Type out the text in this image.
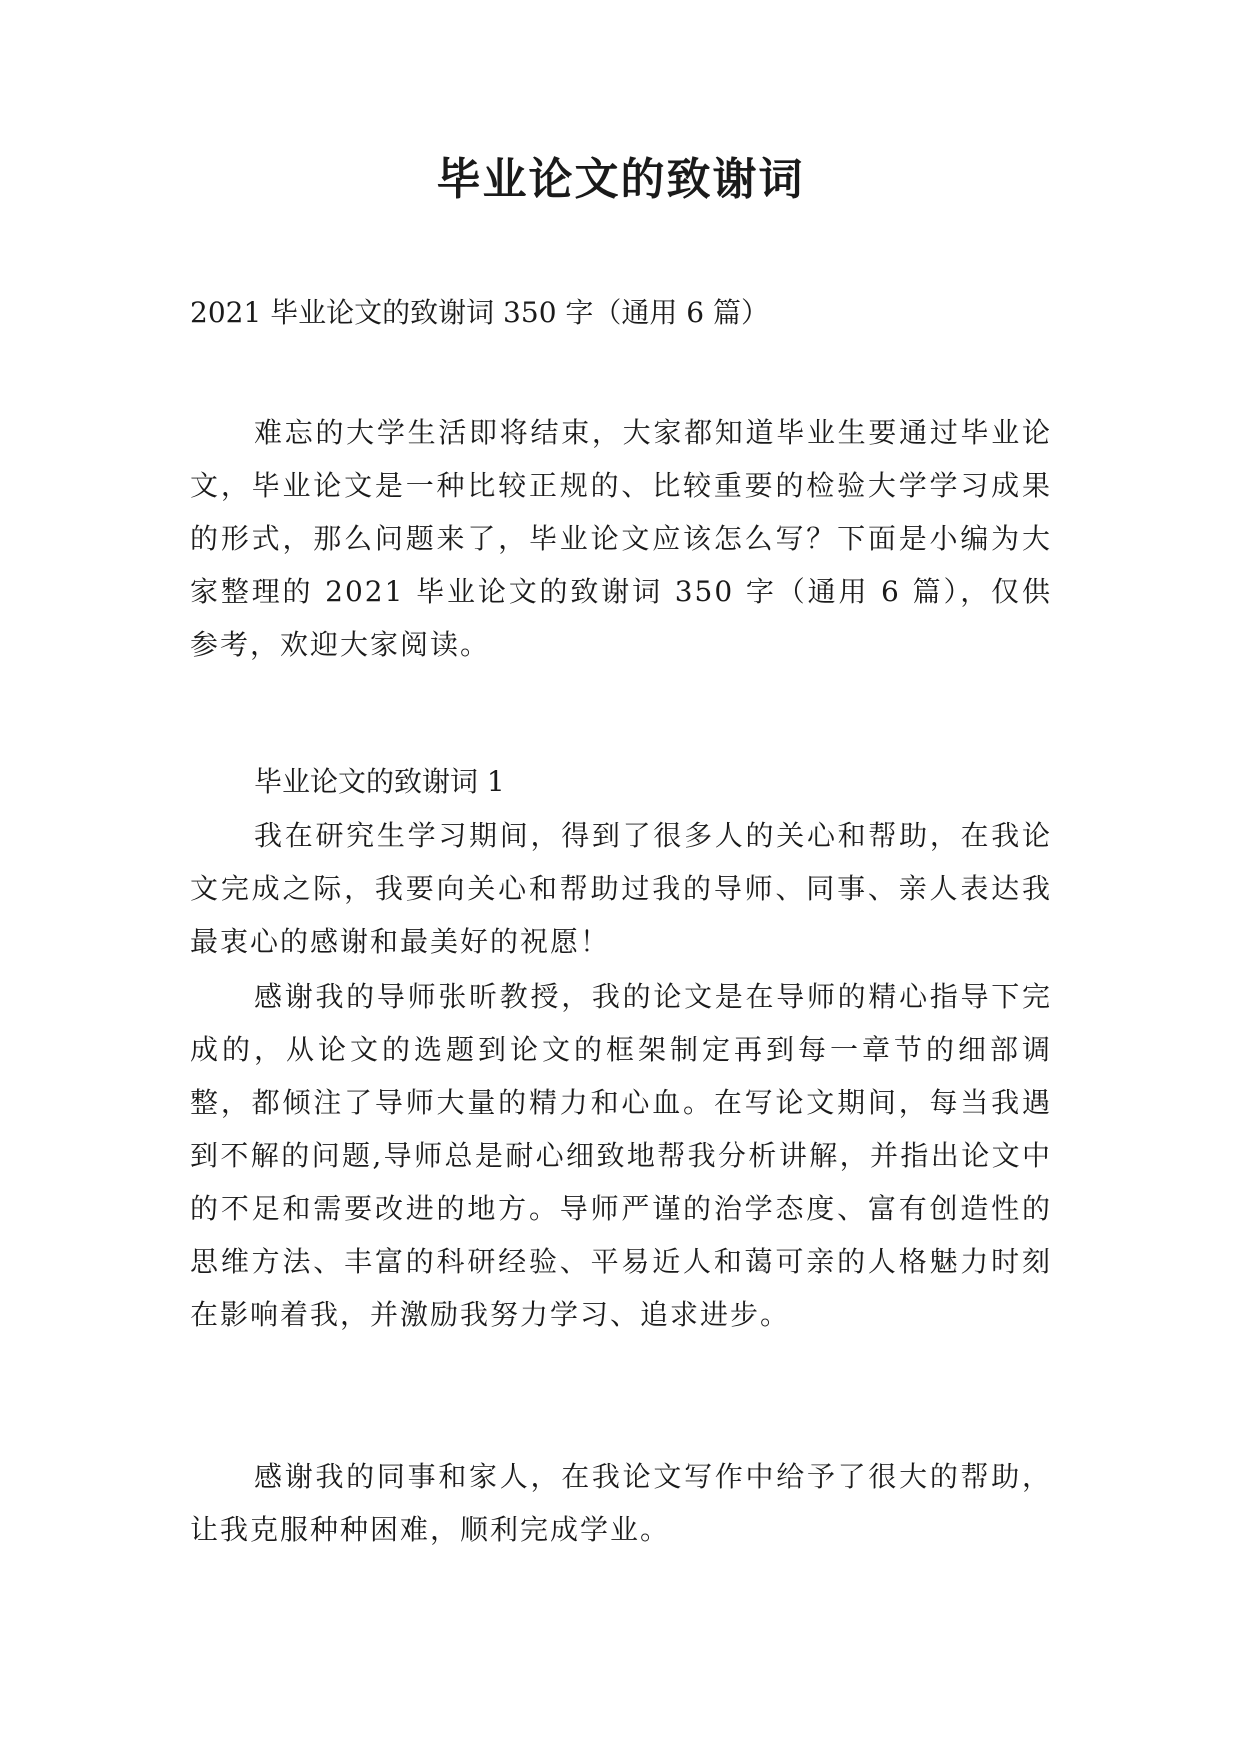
毕业论文的致谢词

2021 毕业论文的致谢词 350 字（通用 6 篇）

难忘的大学生活即将结束，大家都知道毕业生要通过毕业论文，毕业论文是一种比较正规的、比较重要的检验大学学习成果的形式，那么问题来了，毕业论文应该怎么写？下面是小编为大家整理的 2021 毕业论文的致谢词 350 字（通用 6 篇），仅供参考，欢迎大家阅读。

毕业论文的致谢词 1

我在研究生学习期间，得到了很多人的关心和帮助，在我论文完成之际，我要向关心和帮助过我的导师、同事、亲人表达我最衷心的感谢和最美好的祝愿！

感谢我的导师张昕教授，我的论文是在导师的精心指导下完成的，从论文的选题到论文的框架制定再到每一章节的细部调整，都倾注了导师大量的精力和心血。在写论文期间，每当我遇到不解的问题,导师总是耐心细致地帮我分析讲解，并指出论文中的不足和需要改进的地方。导师严谨的治学态度、富有创造性的思维方法、丰富的科研经验、平易近人和蔼可亲的人格魅力时刻在影响着我，并激励我努力学习、追求进步。

感谢我的同事和家人，在我论文写作中给予了很大的帮助，让我克服种种困难，顺利完成学业。
